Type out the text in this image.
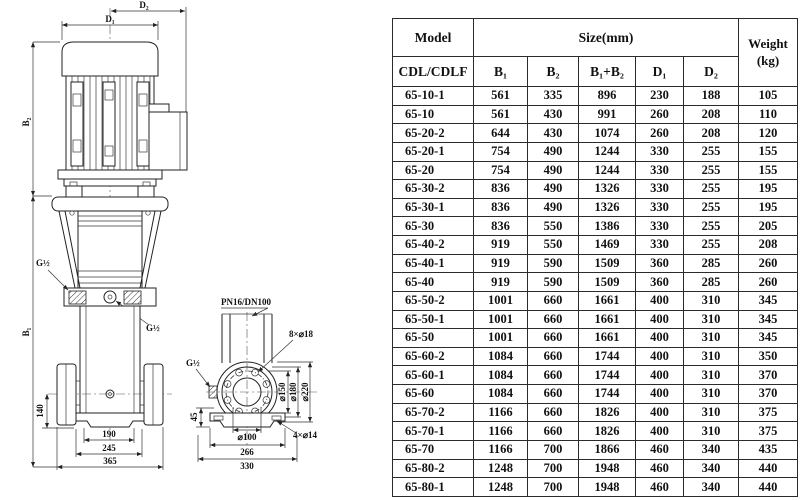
D₂
D₁
B₂
B₁
G½
G½
190
245
365
140
PN16/DN100
G½
8×⌀18
⌀150 ⌀180 ⌀220
4×⌀14
⌀100
266
330
45
Model	Size(mm)					Weight
(kg)
CDL/CDLF	B₁	B₂	B₁+B₂	D₁	D₂	
65-10-1	561	335	896	230	188	105
65-10	561	430	991	260	208	110
65-20-2	644	430	1074	260	208	120
65-20-1	754	490	1244	330	255	155
65-20	754	490	1244	330	255	155
65-30-2	836	490	1326	330	255	195
65-30-1	836	490	1326	330	255	195
65-30	836	550	1386	330	255	205
65-40-2	919	550	1469	330	255	208
65-40-1	919	590	1509	360	285	260
65-40	919	590	1509	360	285	260
65-50-2	1001	660	1661	400	310	345
65-50-1	1001	660	1661	400	310	345
65-50	1001	660	1661	400	310	345
65-60-2	1084	660	1744	400	310	350
65-60-1	1084	660	1744	400	310	370
65-60	1084	660	1744	400	310	370
65-70-2	1166	660	1826	400	310	375
65-70-1	1166	660	1826	400	310	375
65-70	1166	700	1866	460	340	435
65-80-2	1248	700	1948	460	340	440
65-80-1	1248	700	1948	460	340	440
